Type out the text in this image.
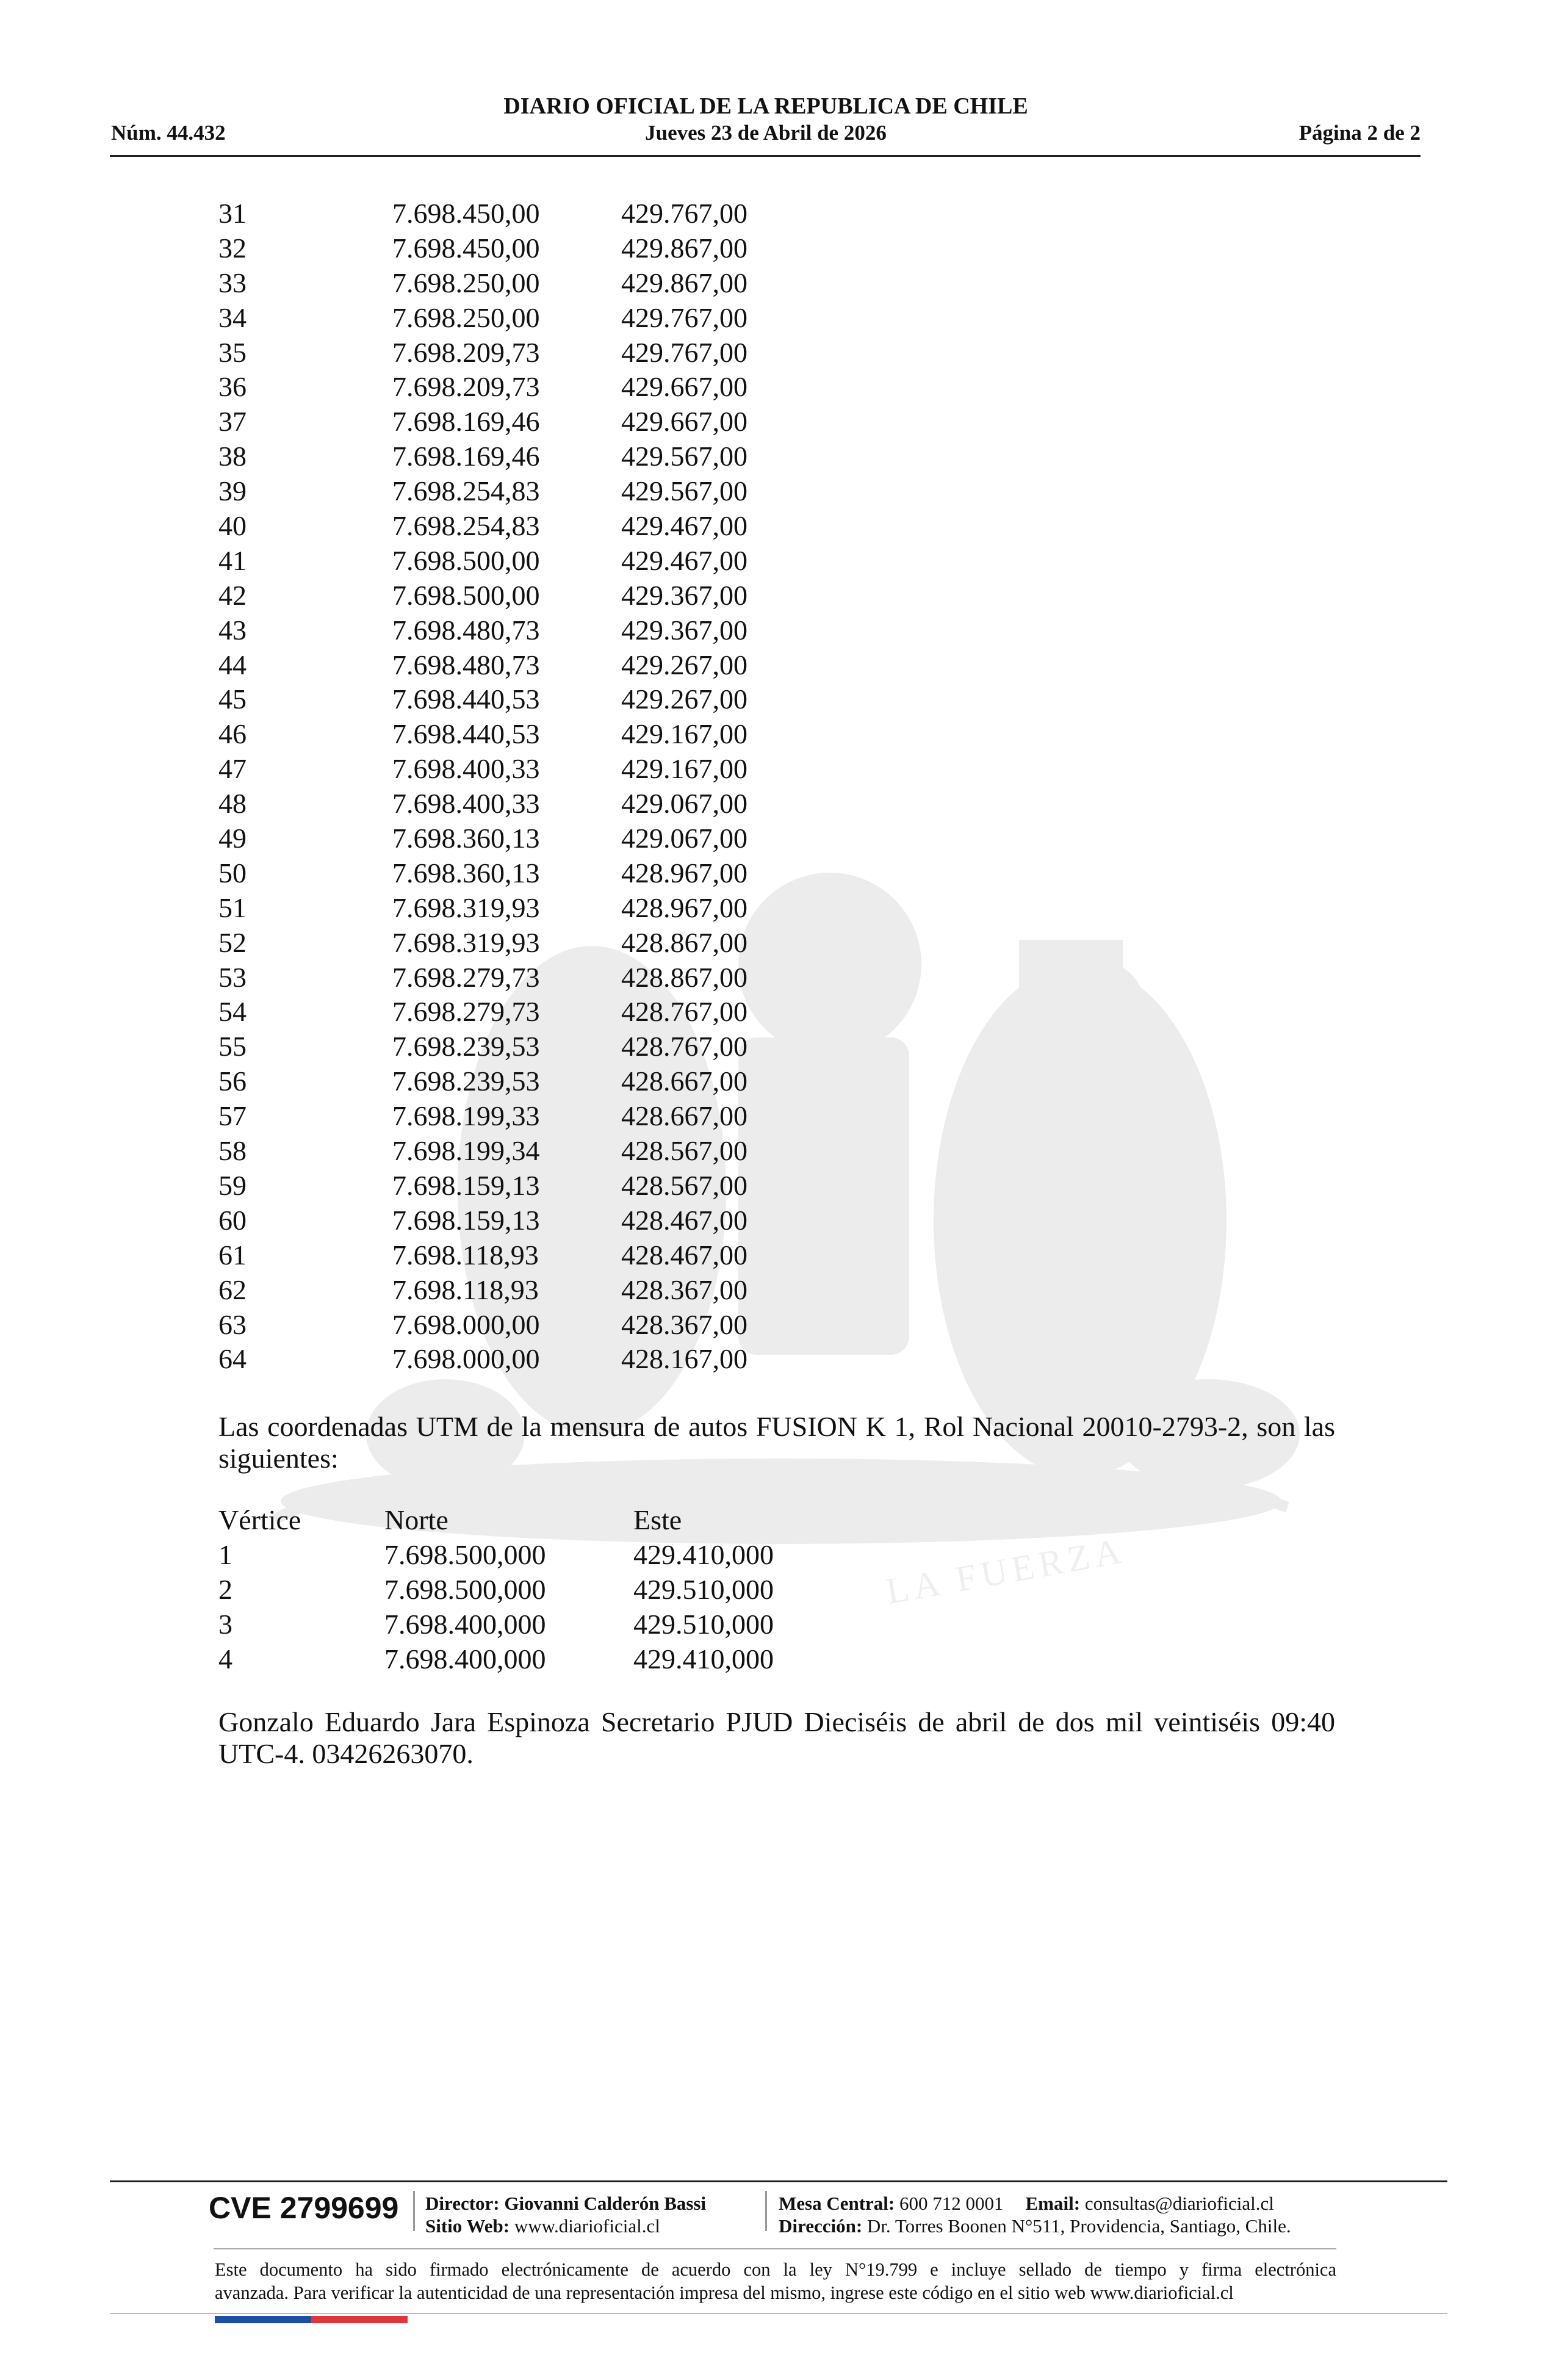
LA FUERZA
DIARIO OFICIAL DE LA REPUBLICA DE CHILE
Núm. 44.432	Jueves 23 de Abril de 2026	Página 2 de 2
31	7.698.450,00	429.767,00
32	7.698.450,00	429.867,00
33	7.698.250,00	429.867,00
34	7.698.250,00	429.767,00
35	7.698.209,73	429.767,00
36	7.698.209,73	429.667,00
37	7.698.169,46	429.667,00
38	7.698.169,46	429.567,00
39	7.698.254,83	429.567,00
40	7.698.254,83	429.467,00
41	7.698.500,00	429.467,00
42	7.698.500,00	429.367,00
43	7.698.480,73	429.367,00
44	7.698.480,73	429.267,00
45	7.698.440,53	429.267,00
46	7.698.440,53	429.167,00
47	7.698.400,33	429.167,00
48	7.698.400,33	429.067,00
49	7.698.360,13	429.067,00
50	7.698.360,13	428.967,00
51	7.698.319,93	428.967,00
52	7.698.319,93	428.867,00
53	7.698.279,73	428.867,00
54	7.698.279,73	428.767,00
55	7.698.239,53	428.767,00
56	7.698.239,53	428.667,00
57	7.698.199,33	428.667,00
58	7.698.199,34	428.567,00
59	7.698.159,13	428.567,00
60	7.698.159,13	428.467,00
61	7.698.118,93	428.467,00
62	7.698.118,93	428.367,00
63	7.698.000,00	428.367,00
64	7.698.000,00	428.167,00
Las coordenadas UTM de la mensura de autos FUSION K 1, Rol Nacional 20010-2793-2, son las siguientes:
Vértice	Norte	Este
1	7.698.500,000	429.410,000
2	7.698.500,000	429.510,000
3	7.698.400,000	429.510,000
4	7.698.400,000	429.410,000
Gonzalo Eduardo Jara Espinoza Secretario PJUD Dieciséis de abril de dos mil veintiséis 09:40 UTC-4. 03426263070.
CVE 2799699 Director: Giovanni Calderón Bassi
Sitio Web: www.diarioficial.cl
Mesa Central: 600 712 0001 Email: consultas@diarioficial.cl
Dirección: Dr. Torres Boonen N°511, Providencia, Santiago, Chile.
Este documento ha sido firmado electrónicamente de acuerdo con la ley N°19.799 e incluye sellado de tiempo y firma electrónica
avanzada. Para verificar la autenticidad de una representación impresa del mismo, ingrese este código en el sitio web www.diarioficial.cl
